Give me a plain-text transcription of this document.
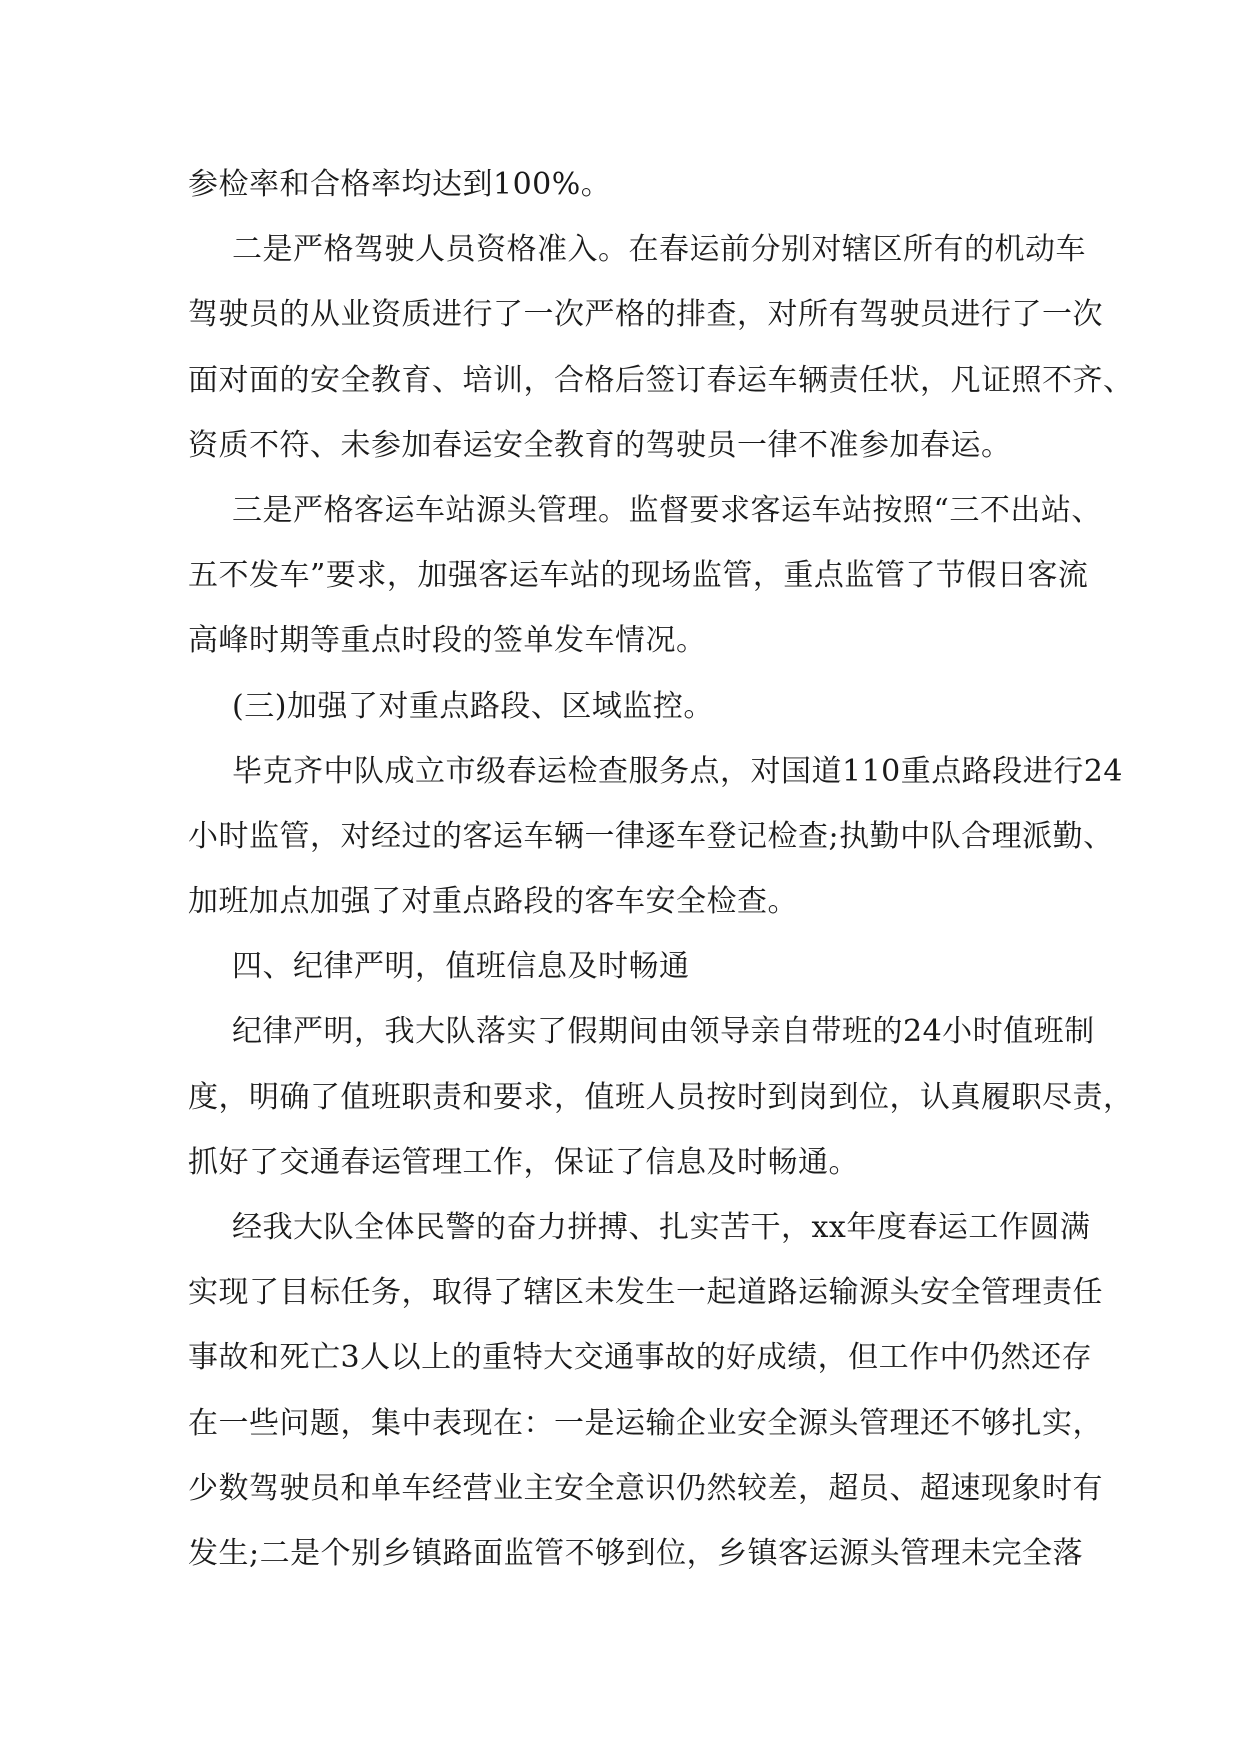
参检率和合格率均达到100%。
二是严格驾驶人员资格准入。在春运前分别对辖区所有的机动车
驾驶员的从业资质进行了一次严格的排查，对所有驾驶员进行了一次
面对面的安全教育、培训，合格后签订春运车辆责任状，凡证照不齐、
资质不符、未参加春运安全教育的驾驶员一律不准参加春运。
三是严格客运车站源头管理。监督要求客运车站按照“三不出站、
五不发车”要求，加强客运车站的现场监管，重点监管了节假日客流
高峰时期等重点时段的签单发车情况。
(三)加强了对重点路段、区域监控。
毕克齐中队成立市级春运检查服务点，对国道110重点路段进行24
小时监管，对经过的客运车辆一律逐车登记检查;执勤中队合理派勤、
加班加点加强了对重点路段的客车安全检查。
四、纪律严明，值班信息及时畅通
纪律严明，我大队落实了假期间由领导亲自带班的24小时值班制
度，明确了值班职责和要求，值班人员按时到岗到位，认真履职尽责，
抓好了交通春运管理工作，保证了信息及时畅通。
经我大队全体民警的奋力拼搏、扎实苦干，xx年度春运工作圆满
实现了目标任务，取得了辖区未发生一起道路运输源头安全管理责任
事故和死亡3人以上的重特大交通事故的好成绩，但工作中仍然还存
在一些问题，集中表现在：一是运输企业安全源头管理还不够扎实，
少数驾驶员和单车经营业主安全意识仍然较差，超员、超速现象时有
发生;二是个别乡镇路面监管不够到位，乡镇客运源头管理未完全落
